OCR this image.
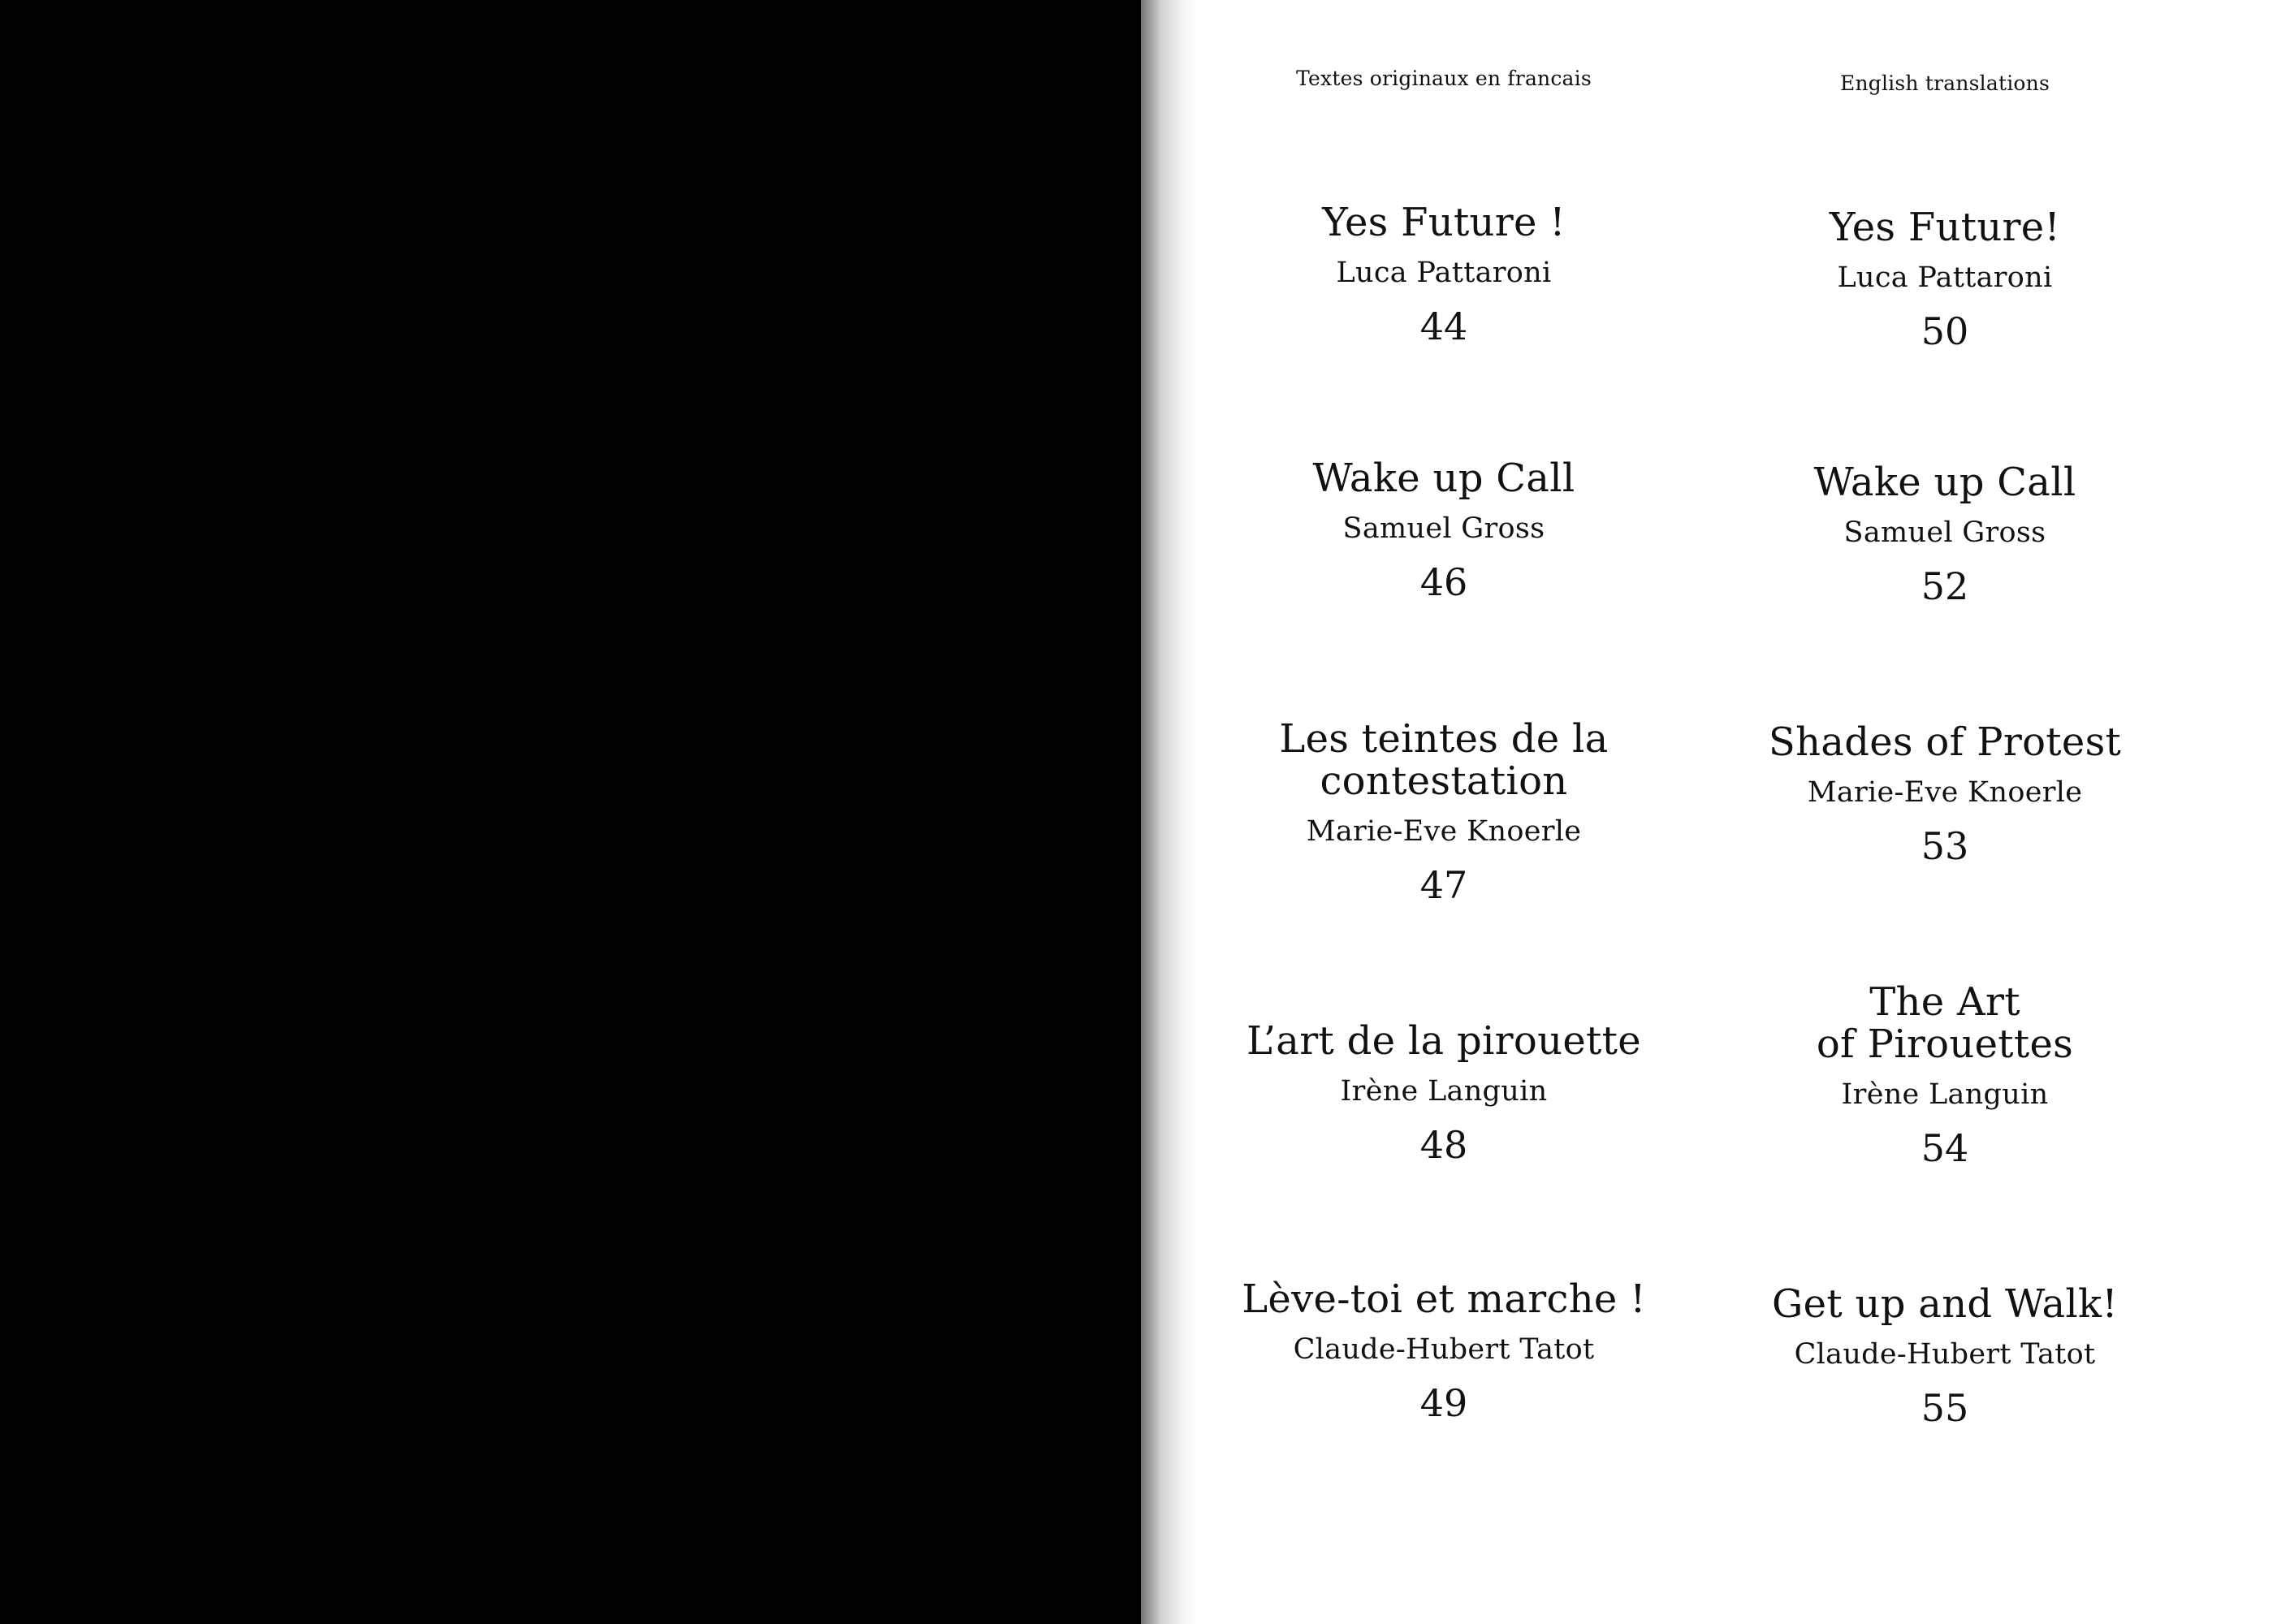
Textes originaux en francais
Yes Future !
Luca Pattaroni
44
Wake up Call
Samuel Gross
46
Les teintes de la
contestation
Marie-Eve Knoerle
47
L’art de la pirouette
Irène Languin
48
Lève-toi et marche !
Claude-Hubert Tatot
49
English translations
Yes Future!
Luca Pattaroni
50
Wake up Call
Samuel Gross
52
Shades of Protest
Marie-Eve Knoerle
53
The Art
of Pirouettes
Irène Languin
54
Get up and Walk!
Claude-Hubert Tatot
55
